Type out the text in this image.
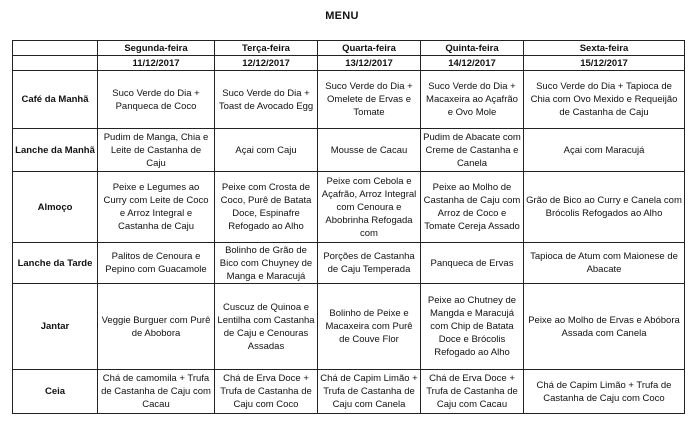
MENU
	Segunda-feira	Terça-feira	Quarta-feira	Quinta-feira	Sexta-feira
	11/12/2017	12/12/2017	13/12/2017	14/12/2017	15/12/2017

Café da Manhã	Suco Verde do Dia + Panqueca de Coco	Suco Verde do Dia + Toast de Avocado Egg	Suco Verde do Dia + Omelete de Ervas e Tomate	Suco Verde do Dia + Macaxeira ao Açafrão e Ovo Mole	Suco Verde do Dia + Tapioca de Chia com Ovo Mexido e Requeijão de Castanha de Caju

Lanche da Manhã	Pudim de Manga, Chia e Leite de Castanha de Caju	Açai com Caju	Mousse de Cacau	Pudim de Abacate com Creme de Castanha e Canela	Açai com Maracujá

Almoço	Peixe e Legumes ao Curry com Leite de Coco e Arroz Integral e Castanha de Caju	Peixe com Crosta de Coco, Purê de Batata Doce, Espinafre Refogado ao Alho	Peixe com Cebola e Açafrão, Arroz Integral com Cenoura e Abobrinha Refogada com	Peixe ao Molho de Castanha de Caju com Arroz de Coco e Tomate Cereja Assado	Grão de Bico ao Curry e Canela com Brócolis Refogados ao Alho

Lanche da Tarde	Palitos de Cenoura e Pepino com Guacamole	Bolinho de Grão de Bico com Chuyney de Manga e Maracujá	Porções de Castanha de Caju Temperada	Panqueca de Ervas	Tapioca de Atum com Maionese de Abacate

Jantar	Veggie Burguer com Purê de Abobora	Cuscuz de Quinoa e Lentilha com Castanha de Caju e Cenouras Assadas	Bolinho de Peixe e Macaxeira com Purê de Couve Flor	Peixe ao Chutney de Mangda e Maracujá com Chip de Batata Doce e Brócolis Refogado ao Alho	Peixe ao Molho de Ervas e Abóbora Assada com Canela

Ceia	Chá de camomila + Trufa de Castanha de Caju com Cacau	Chá de Erva Doce + Trufa de Castanha de Caju com Coco	Chá de Capim Limão + Trufa de Castanha de Caju com Canela	Chá de Erva Doce + Trufa de Castanha de Caju com Cacau	Chá de Capim Limão + Trufa de Castanha de Caju com Coco
